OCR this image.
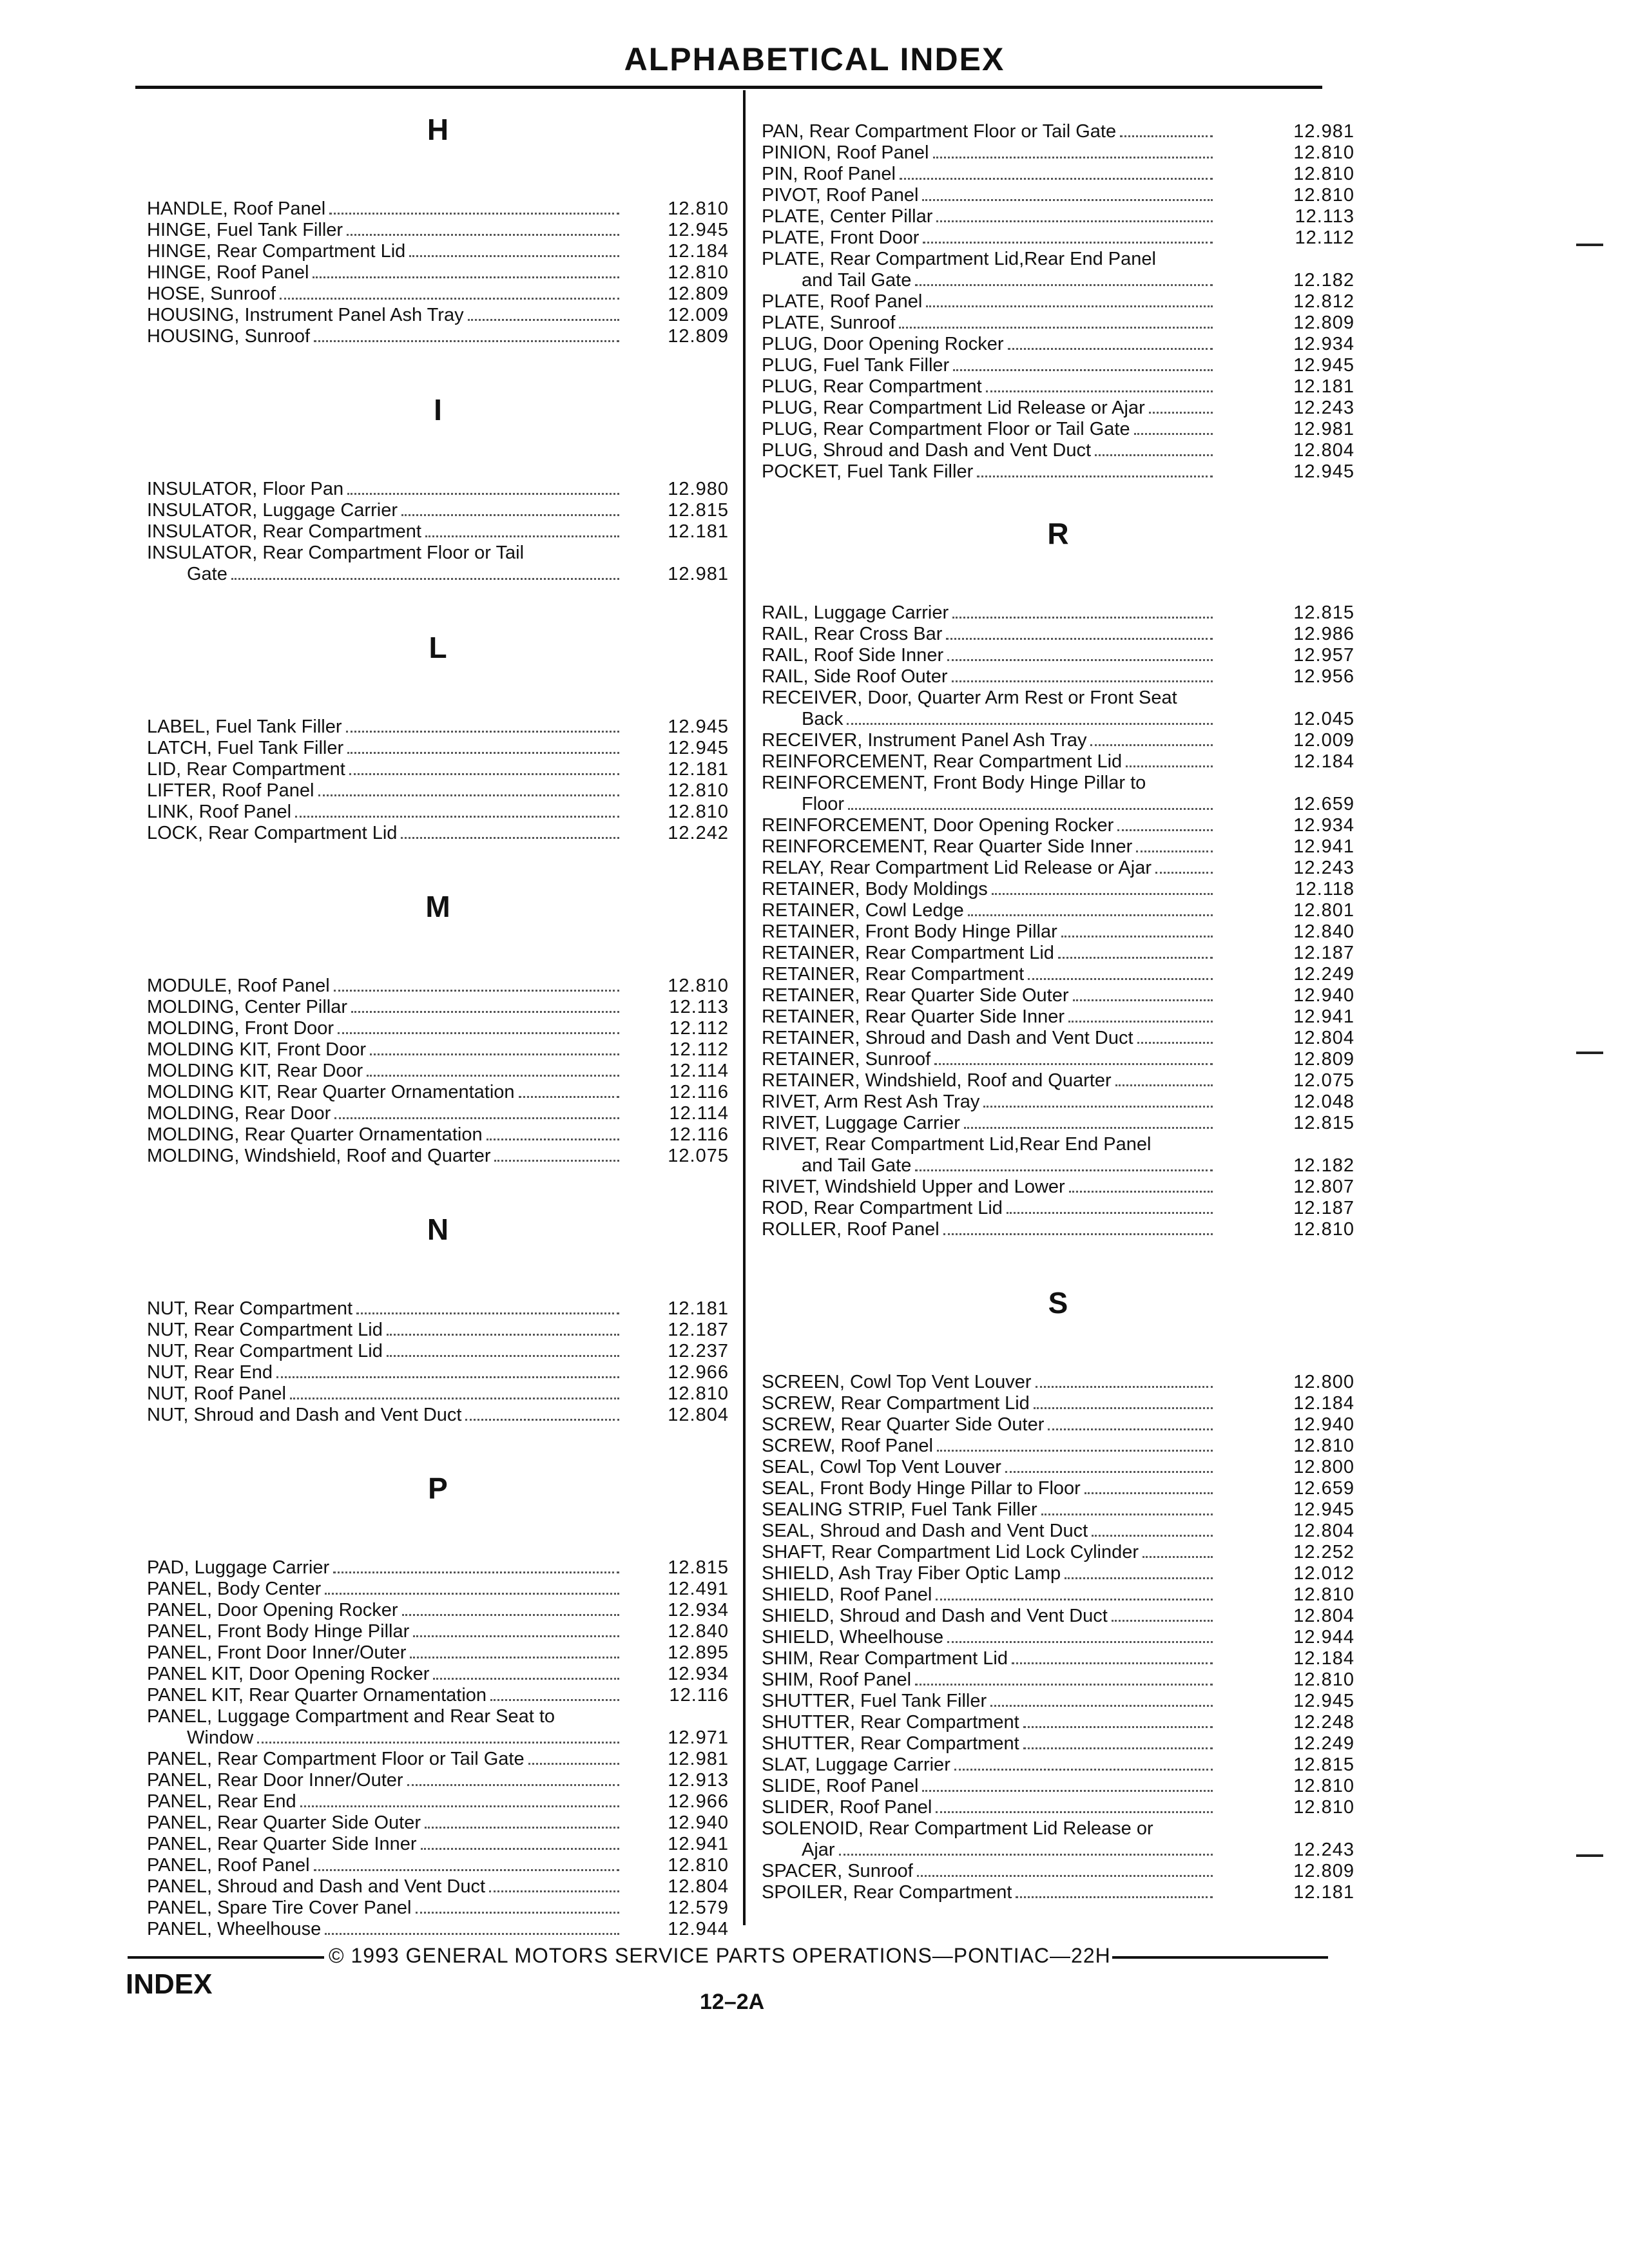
ALPHABETICAL INDEX
H
HANDLE, Roof Panel	12.810
HINGE, Fuel Tank Filler	12.945
HINGE, Rear Compartment Lid	12.184
HINGE, Roof Panel	12.810
HOSE, Sunroof	12.809
HOUSING, Instrument Panel Ash Tray	12.009
HOUSING, Sunroof	12.809
I
INSULATOR, Floor Pan	12.980
INSULATOR, Luggage Carrier	12.815
INSULATOR, Rear Compartment	12.181
INSULATOR, Rear Compartment Floor or Tail
Gate	12.981
L
LABEL, Fuel Tank Filler	12.945
LATCH, Fuel Tank Filler	12.945
LID, Rear Compartment	12.181
LIFTER, Roof Panel	12.810
LINK, Roof Panel	12.810
LOCK, Rear Compartment Lid	12.242
M
MODULE, Roof Panel	12.810
MOLDING, Center Pillar	12.113
MOLDING, Front Door	12.112
MOLDING KIT, Front Door	12.112
MOLDING KIT, Rear Door	12.114
MOLDING KIT, Rear Quarter Ornamentation	12.116
MOLDING, Rear Door	12.114
MOLDING, Rear Quarter Ornamentation	12.116
MOLDING, Windshield, Roof and Quarter	12.075
N
NUT, Rear Compartment	12.181
NUT, Rear Compartment Lid	12.187
NUT, Rear Compartment Lid	12.237
NUT, Rear End	12.966
NUT, Roof Panel	12.810
NUT, Shroud and Dash and Vent Duct	12.804
P
PAD, Luggage Carrier	12.815
PANEL, Body Center	12.491
PANEL, Door Opening Rocker	12.934
PANEL, Front Body Hinge Pillar	12.840
PANEL, Front Door Inner/Outer	12.895
PANEL KIT, Door Opening Rocker	12.934
PANEL KIT, Rear Quarter Ornamentation	12.116
PANEL, Luggage Compartment and Rear Seat to
Window	12.971
PANEL, Rear Compartment Floor or Tail Gate	12.981
PANEL, Rear Door Inner/Outer	12.913
PANEL, Rear End	12.966
PANEL, Rear Quarter Side Outer	12.940
PANEL, Rear Quarter Side Inner	12.941
PANEL, Roof Panel	12.810
PANEL, Shroud and Dash and Vent Duct	12.804
PANEL, Spare Tire Cover Panel	12.579
PANEL, Wheelhouse	12.944
PAN, Rear Compartment Floor or Tail Gate	12.981
PINION, Roof Panel	12.810
PIN, Roof Panel	12.810
PIVOT, Roof Panel	12.810
PLATE, Center Pillar	12.113
PLATE, Front Door	12.112
PLATE, Rear Compartment Lid,Rear End Panel
and Tail Gate	12.182
PLATE, Roof Panel	12.812
PLATE, Sunroof	12.809
PLUG, Door Opening Rocker	12.934
PLUG, Fuel Tank Filler	12.945
PLUG, Rear Compartment	12.181
PLUG, Rear Compartment Lid Release or Ajar	12.243
PLUG, Rear Compartment Floor or Tail Gate	12.981
PLUG, Shroud and Dash and Vent Duct	12.804
POCKET, Fuel Tank Filler	12.945
R
RAIL, Luggage Carrier	12.815
RAIL, Rear Cross Bar	12.986
RAIL, Roof Side Inner	12.957
RAIL, Side Roof Outer	12.956
RECEIVER, Door, Quarter Arm Rest or Front Seat
Back	12.045
RECEIVER, Instrument Panel Ash Tray	12.009
REINFORCEMENT, Rear Compartment Lid	12.184
REINFORCEMENT, Front Body Hinge Pillar to
Floor	12.659
REINFORCEMENT, Door Opening Rocker	12.934
REINFORCEMENT, Rear Quarter Side Inner	12.941
RELAY, Rear Compartment Lid Release or Ajar	12.243
RETAINER, Body Moldings	12.118
RETAINER, Cowl Ledge	12.801
RETAINER, Front Body Hinge Pillar	12.840
RETAINER, Rear Compartment Lid	12.187
RETAINER, Rear Compartment	12.249
RETAINER, Rear Quarter Side Outer	12.940
RETAINER, Rear Quarter Side Inner	12.941
RETAINER, Shroud and Dash and Vent Duct	12.804
RETAINER, Sunroof	12.809
RETAINER, Windshield, Roof and Quarter	12.075
RIVET, Arm Rest Ash Tray	12.048
RIVET, Luggage Carrier	12.815
RIVET, Rear Compartment Lid,Rear End Panel
and Tail Gate	12.182
RIVET, Windshield Upper and Lower	12.807
ROD, Rear Compartment Lid	12.187
ROLLER, Roof Panel	12.810
S
SCREEN, Cowl Top Vent Louver	12.800
SCREW, Rear Compartment Lid	12.184
SCREW, Rear Quarter Side Outer	12.940
SCREW, Roof Panel	12.810
SEAL, Cowl Top Vent Louver	12.800
SEAL, Front Body Hinge Pillar to Floor	12.659
SEALING STRIP, Fuel Tank Filler	12.945
SEAL, Shroud and Dash and Vent Duct	12.804
SHAFT, Rear Compartment Lid Lock Cylinder	12.252
SHIELD, Ash Tray Fiber Optic Lamp	12.012
SHIELD, Roof Panel	12.810
SHIELD, Shroud and Dash and Vent Duct	12.804
SHIELD, Wheelhouse	12.944
SHIM, Rear Compartment Lid	12.184
SHIM, Roof Panel	12.810
SHUTTER, Fuel Tank Filler	12.945
SHUTTER, Rear Compartment	12.248
SHUTTER, Rear Compartment	12.249
SLAT, Luggage Carrier	12.815
SLIDE, Roof Panel	12.810
SLIDER, Roof Panel	12.810
SOLENOID, Rear Compartment Lid Release or
Ajar	12.243
SPACER, Sunroof	12.809
SPOILER, Rear Compartment	12.181
© 1993 GENERAL MOTORS SERVICE PARTS OPERATIONS—PONTIAC—22H
INDEX
12–2A
